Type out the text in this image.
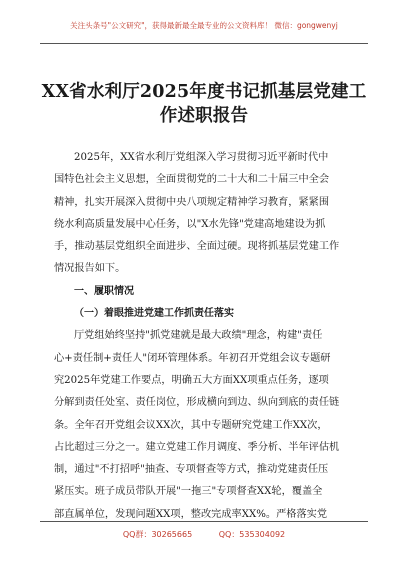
关注头条号"公文研究"，获得最新最全最专业的公文资料库！ 微信：gongwenyj
XX省水利厅2025年度书记抓基层党建工
作述职报告
2025年，XX省水利厅党组深入学习贯彻习近平新时代中
国特色社会主义思想，全面贯彻党的二十大和二十届三中全会
精神，扎实开展深入贯彻中央八项规定精神学习教育，紧紧围
绕水利高质量发展中心任务，以"X水先锋"党建高地建设为抓
手，推动基层党组织全面进步、全面过硬。现将抓基层党建工作
情况报告如下。
一、履职情况
（一）着眼推进党建工作抓责任落实
厅党组始终坚持"抓党建就是最大政绩"理念，构建"责任
心+责任制+责任人"闭环管理体系。年初召开党组会议专题研
究2025年党建工作要点，明确五大方面XX项重点任务，逐项
分解到责任处室、责任岗位，形成横向到边、纵向到底的责任链
条。全年召开党组会议XX次，其中专题研究党建工作XX次，
占比超过三分之一。建立党建工作月调度、季分析、半年评估机
制，通过"不打招呼"抽查、专项督查等方式，推动党建责任压
紧压实。班子成员带队开展"一拖三"专项督查XX轮，覆盖全
部直属单位，发现问题XX项，整改完成率XX%。严格落实党
QQ群：30265665	QQ：535304092
